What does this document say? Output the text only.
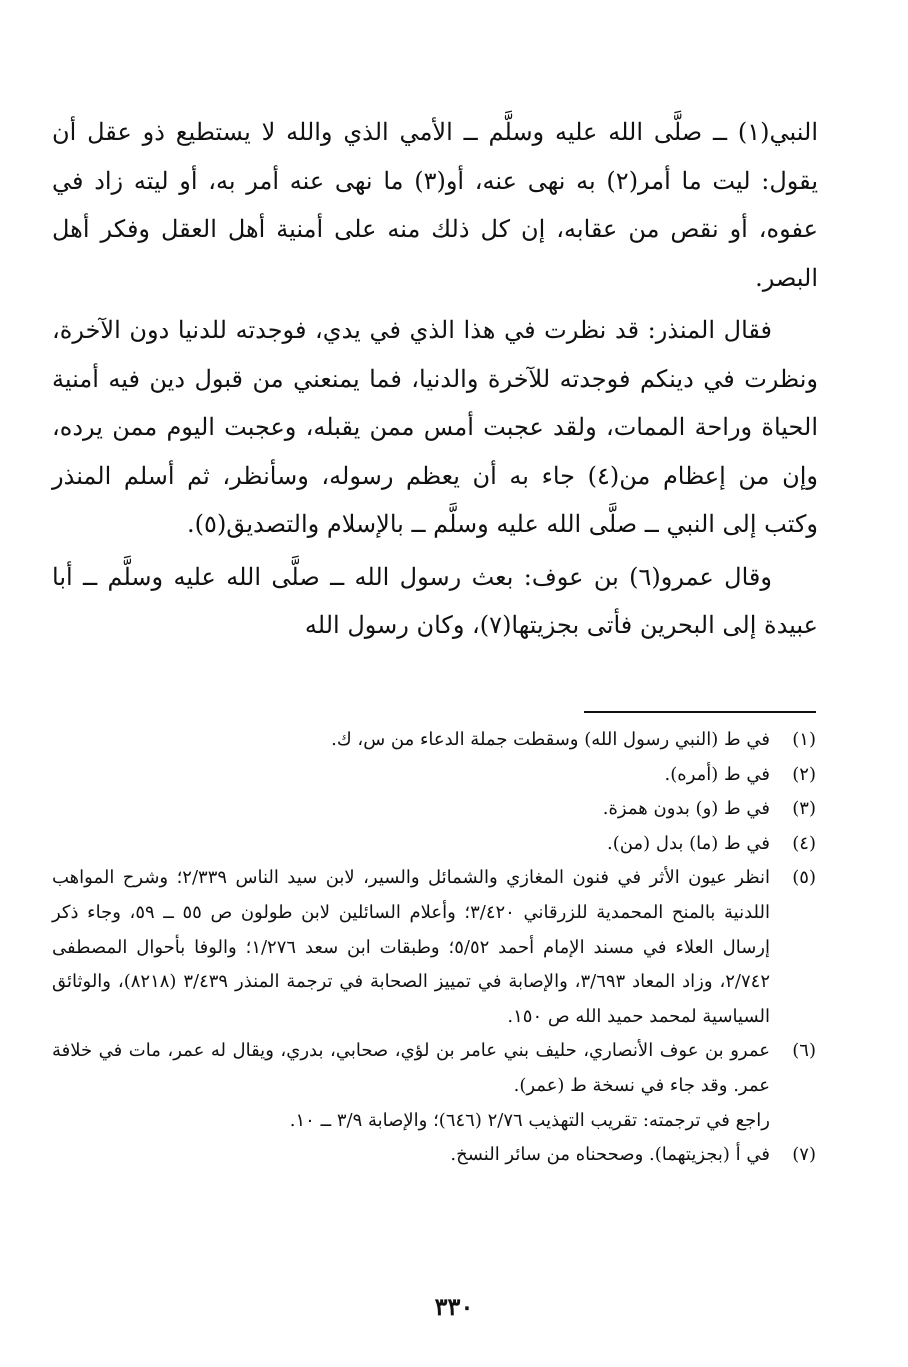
النبي(١) ــ صلَّى الله عليه وسلَّم ــ الأمي الذي والله لا يستطيع ذو عقل أن يقول: ليت ما أمر(٢) به نهى عنه، أو(٣) ما نهى عنه أمر به، أو ليته زاد في عفوه، أو نقص من عقابه، إن كل ذلك منه على أمنية أهل العقل وفكر أهل البصر.

فقال المنذر: قد نظرت في هذا الذي في يدي، فوجدته للدنيا دون الآخرة، ونظرت في دينكم فوجدته للآخرة والدنيا، فما يمنعني من قبول دين فيه أمنية الحياة وراحة الممات، ولقد عجبت أمس ممن يقبله، وعجبت اليوم ممن يرده، وإن من إعظام من(٤) جاء به أن يعظم رسوله، وسأنظر، ثم أسلم المنذر وكتب إلى النبي ــ صلَّى الله عليه وسلَّم ــ بالإسلام والتصديق(٥).

وقال عمرو(٦) بن عوف: بعث رسول الله ــ صلَّى الله عليه وسلَّم ــ أبا عبيدة إلى البحرين فأتى بجزيتها(٧)، وكان رسول الله

(١)
في ط (النبي رسول الله) وسقطت جملة الدعاء من س، ك.
(٢)
في ط (أمره).
(٣)
في ط (و) بدون همزة.
(٤)
في ط (ما) بدل (من).
(٥)
انظر عيون الأثر في فنون المغازي والشمائل والسير، لابن سيد الناس ٢/٣٣٩؛ وشرح المواهب اللدنية بالمنح المحمدية للزرقاني ٣/٤٢٠؛ وأعلام السائلين لابن طولون ص ٥٥ ــ ٥٩، وجاء ذكر إرسال العلاء في مسند الإمام أحمد ٥/٥٢؛ وطبقات ابن سعد ١/٢٧٦؛ والوفا بأحوال المصطفى ٢/٧٤٢، وزاد المعاد ٣/٦٩٣، والإصابة في تمييز الصحابة في ترجمة المنذر ٣/٤٣٩ (٨٢١٨)، والوثائق السياسية لمحمد حميد الله ص ١٥٠.
(٦)
عمرو بن عوف الأنصاري، حليف بني عامر بن لؤي، صحابي، بدري، ويقال له عمر، مات في خلافة عمر. وقد جاء في نسخة ط (عمر).
راجع في ترجمته: تقريب التهذيب ٢/٧٦ (٦٤٦)؛ والإصابة ٣/٩ ــ ١٠.
(٧)
في أ (بجزيتهما). وصححناه من سائر النسخ.
٣٣٠
